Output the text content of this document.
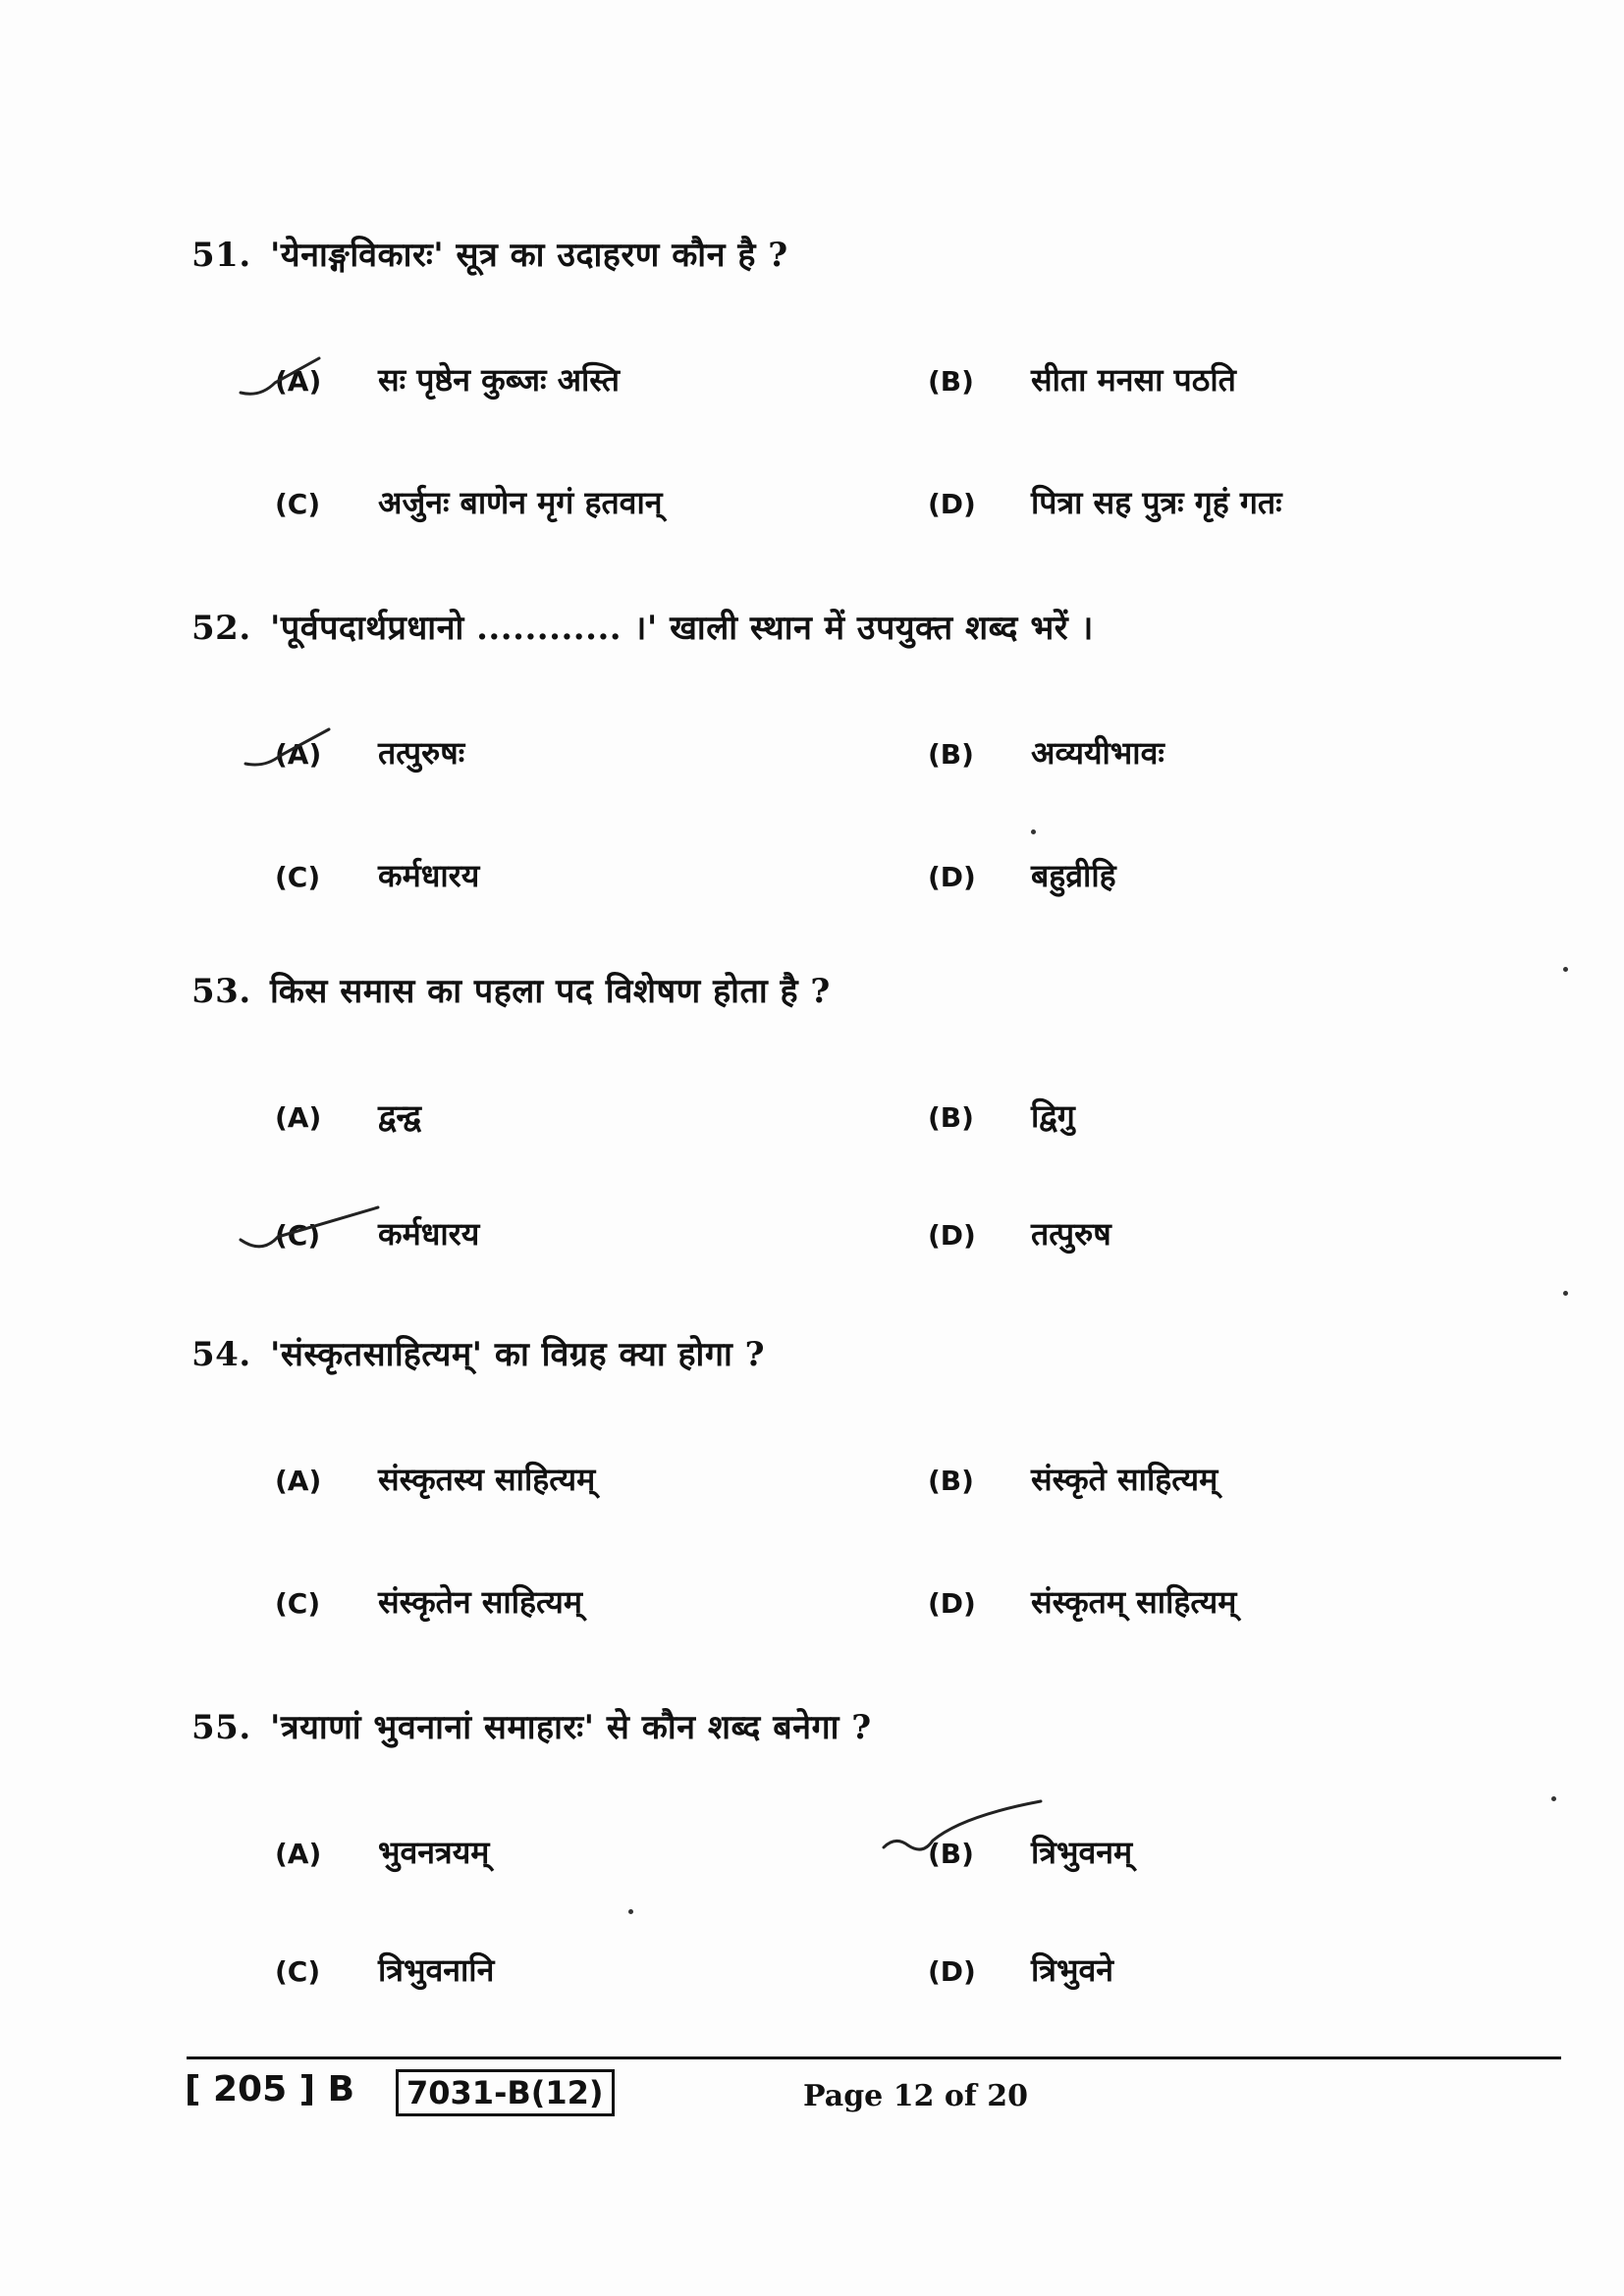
51. 'येनाङ्गविकारः' सूत्र का उदाहरण कौन है ?
(A) सः पृष्ठेन कुब्जः अस्ति	(B) सीता मनसा पठति
(C) अर्जुनः बाणेन मृगं हतवान्	(D) पित्रा सह पुत्रः गृहं गतः
52. 'पूर्वपदार्थप्रधानो ............ ।' खाली स्थान में उपयुक्त शब्द भरें ।
(A) तत्पुरुषः	(B) अव्ययीभावः
(C) कर्मधारय	(D) बहुव्रीहि
53. किस समास का पहला पद विशेषण होता है ?
(A) द्वन्द्व	(B) द्विगु
(C) कर्मधारय	(D) तत्पुरुष
54. 'संस्कृतसाहित्यम्' का विग्रह क्या होगा ?
(A) संस्कृतस्य साहित्यम्	(B) संस्कृते साहित्यम्
(C) संस्कृतेन साहित्यम्	(D) संस्कृतम् साहित्यम्
55. 'त्रयाणां भुवनानां समाहारः' से कौन शब्द बनेगा ?
(A) भुवनत्रयम्	(B) त्रिभुवनम्
(C) त्रिभुवनानि	(D) त्रिभुवने
[ 205 ] B	7031-B(12)	Page 12 of 20
